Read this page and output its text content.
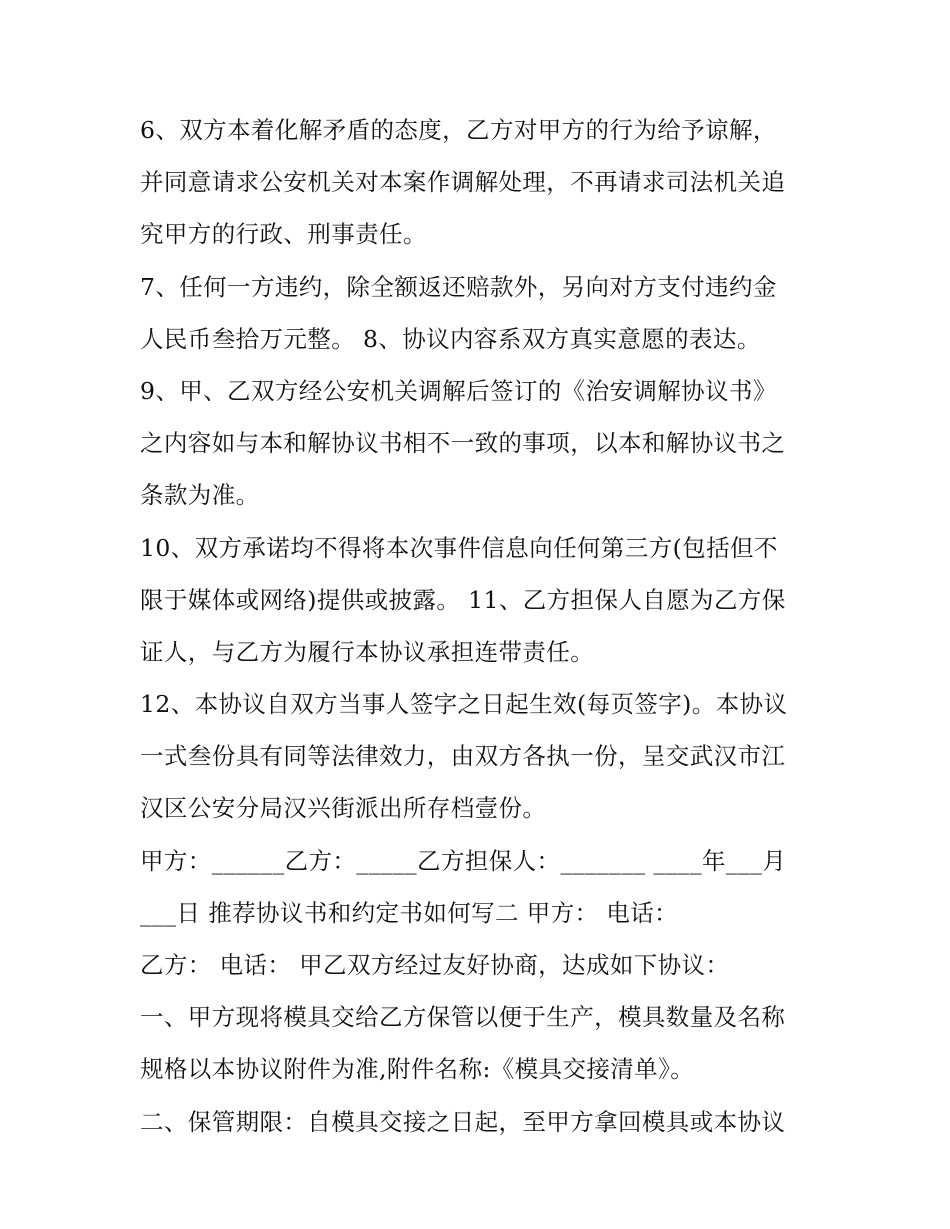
6、双方本着化解矛盾的态度，乙方对甲方的行为给予谅解，
并同意请求公安机关对本案作调解处理，不再请求司法机关追
究甲方的行政、刑事责任。
7、任何一方违约，除全额返还赔款外，另向对方支付违约金
人民币叁拾万元整。 8、协议内容系双方真实意愿的表达。
9、甲、乙双方经公安机关调解后签订的《治安调解协议书》
之内容如与本和解协议书相不一致的事项，以本和解协议书之
条款为准。
10、双方承诺均不得将本次事件信息向任何第三方(包括但不
限于媒体或网络)提供或披露。 11、乙方担保人自愿为乙方保
证人，与乙方为履行本协议承担连带责任。
12、本协议自双方当事人签字之日起生效(每页签字)。本协议
一式叁份具有同等法律效力，由双方各执一份，呈交武汉市江
汉区公安分局汉兴街派出所存档壹份。
甲方：______乙方：_____乙方担保人：_______ ____年___月
___日 推荐协议书和约定书如何写二 甲方： 电话：
乙方： 电话： 甲乙双方经过友好协商，达成如下协议：
一、甲方现将模具交给乙方保管以便于生产，模具数量及名称
规格以本协议附件为准,附件名称:《模具交接清单》。
二、保管期限：自模具交接之日起，至甲方拿回模具或本协议
